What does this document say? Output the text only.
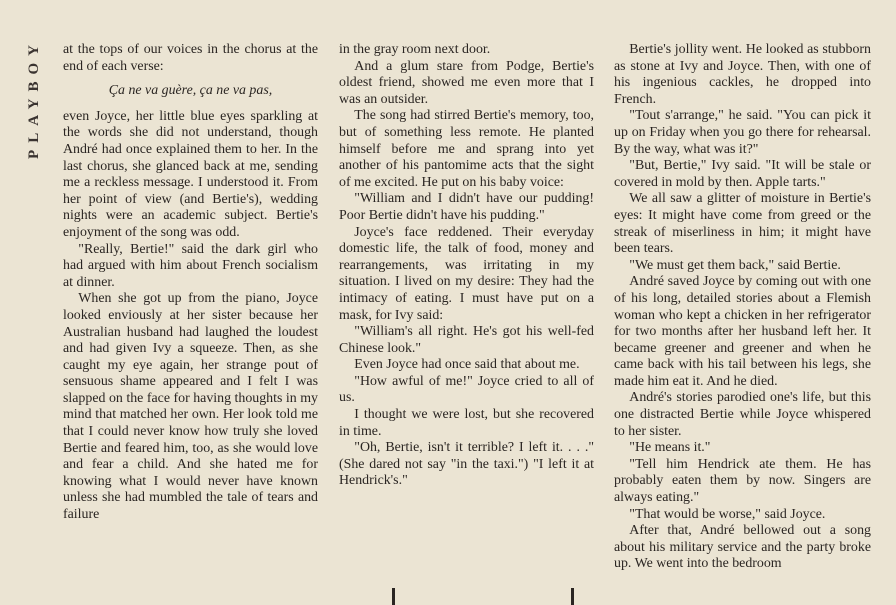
PLAYBOY at the tops of our voices in the chorus at the end of each verse:

Ça ne va guère, ça ne va pas,

even Joyce, her little blue eyes sparkling at the words she did not understand, though André had once explained them to her. In the last chorus, she glanced back at me, sending me a reckless message. I understood it. From her point of view (and Bertie's), wedding nights were an academic subject. Bertie's enjoyment of the song was odd.

"Really, Bertie!" said the dark girl who had argued with him about French socialism at dinner.

When she got up from the piano, Joyce looked enviously at her sister because her Australian husband had laughed the loudest and had given Ivy a squeeze. Then, as she caught my eye again, her strange pout of sensuous shame appeared and I felt I was slapped on the face for having thoughts in my mind that matched her own. Her look told me that I could never know how truly she loved Bertie and feared him, too, as she would love and fear a child. And she hated me for knowing what I would never have known unless she had mumbled the tale of tears and failure

in the gray room next door.

And a glum stare from Podge, Bertie's oldest friend, showed me even more that I was an outsider.

The song had stirred Bertie's memory, too, but of something less remote. He planted himself before me and sprang into yet another of his pantomime acts that the sight of me excited. He put on his baby voice:

"William and I didn't have our pudding! Poor Bertie didn't have his pudding."

Joyce's face reddened. Their everyday domestic life, the talk of food, money and rearrangements, was irritating in my situation. I lived on my desire: They had the intimacy of eating. I must have put on a mask, for Ivy said:

"William's all right. He's got his well-fed Chinese look."

Even Joyce had once said that about me.

"How awful of me!" Joyce cried to all of us.

I thought we were lost, but she recovered in time.

"Oh, Bertie, isn't it terrible? I left it. . . ." (She dared not say "in the taxi.") "I left it at Hendrick's."

Bertie's jollity went. He looked as stubborn as stone at Ivy and Joyce. Then, with one of his ingenious cackles, he dropped into French.

"Tout s'arrange," he said. "You can pick it up on Friday when you go there for rehearsal. By the way, what was it?"

"But, Bertie," Ivy said. "It will be stale or covered in mold by then. Apple tarts."

We all saw a glitter of moisture in Bertie's eyes: It might have come from greed or the streak of miserliness in him; it might have been tears.

"We must get them back," said Bertie.

André saved Joyce by coming out with one of his long, detailed stories about a Flemish woman who kept a chicken in her refrigerator for two months after her husband left her. It became greener and greener and when he came back with his tail between his legs, she made him eat it. And he died.

André's stories parodied one's life, but this one distracted Bertie while Joyce whispered to her sister.

"He means it."

"Tell him Hendrick ate them. He has probably eaten them by now. Singers are always eating."

"That would be worse," said Joyce.

After that, André bellowed out a song about his military service and the party broke up. We went into the bedroom
